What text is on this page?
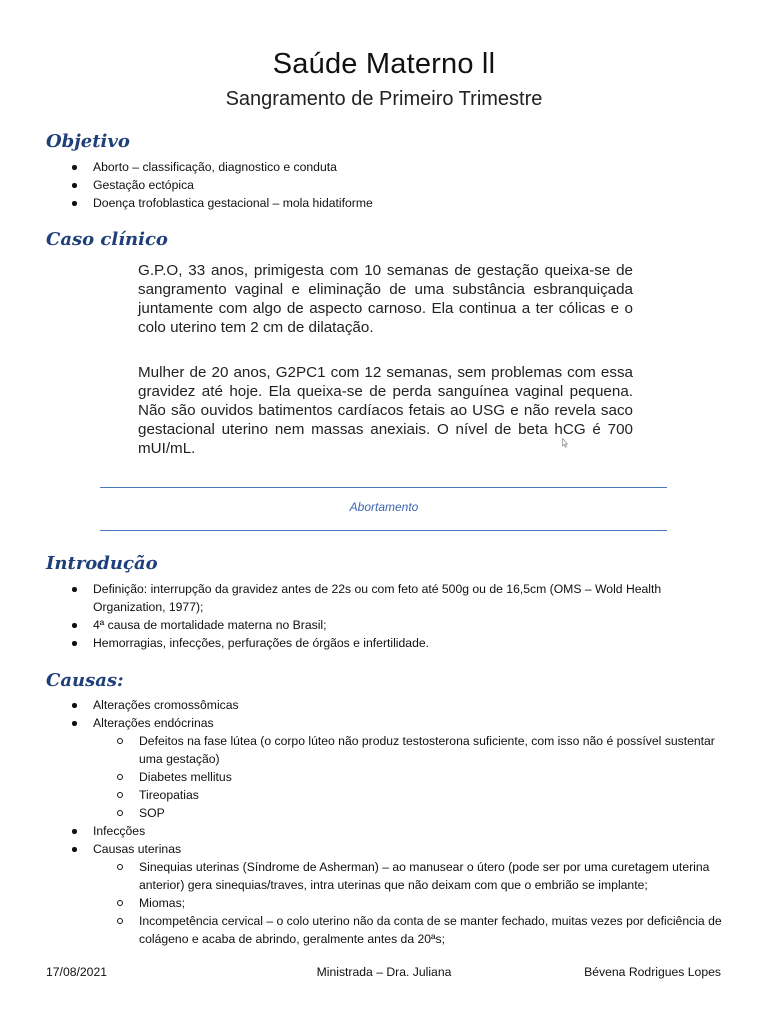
Saúde Materno ll
Sangramento de Primeiro Trimestre
Objetivo
Aborto – classificação, diagnostico e conduta
Gestação ectópica
Doença trofoblastica gestacional – mola hidatiforme
Caso clínico
G.P.O, 33 anos, primigesta com 10 semanas de gestação queixa-se de sangramento vaginal e eliminação de uma substância esbranquiçada juntamente com algo de aspecto carnoso. Ela continua a ter cólicas e o colo uterino tem 2 cm de dilatação.
Mulher de 20 anos, G2PC1 com 12 semanas, sem problemas com essa gravidez até hoje. Ela queixa-se de perda sanguínea vaginal pequena. Não são ouvidos batimentos cardíacos fetais ao USG e não revela saco gestacional uterino nem massas anexiais. O nível de beta hCG é 700 mUI/mL.
Abortamento
Introdução
Definição: interrupção da gravidez antes de 22s ou com feto até 500g ou de 16,5cm (OMS – Wold Health Organization, 1977);
4ª causa de mortalidade materna no Brasil;
Hemorragias, infecções, perfurações de órgãos e infertilidade.
Causas:
Alterações cromossômicas
Alterações endócrinas
Defeitos na fase lútea (o corpo lúteo não produz testosterona suficiente, com isso não é possível sustentar uma gestação)
Diabetes mellitus
Tireopatias
SOP
Infecções
Causas uterinas
Sinequias uterinas (Síndrome de Asherman) – ao manusear o útero (pode ser por uma curetagem uterina anterior) gera sinequias/traves, intra uterinas que não deixam com que o embrião se implante;
Miomas;
Incompetência cervical – o colo uterino não da conta de se manter fechado, muitas vezes por deficiência de colágeno e acaba de abrindo, geralmente antes da 20ªs;
17/08/2021	Ministrada – Dra. Juliana	Bévena Rodrigues Lopes
